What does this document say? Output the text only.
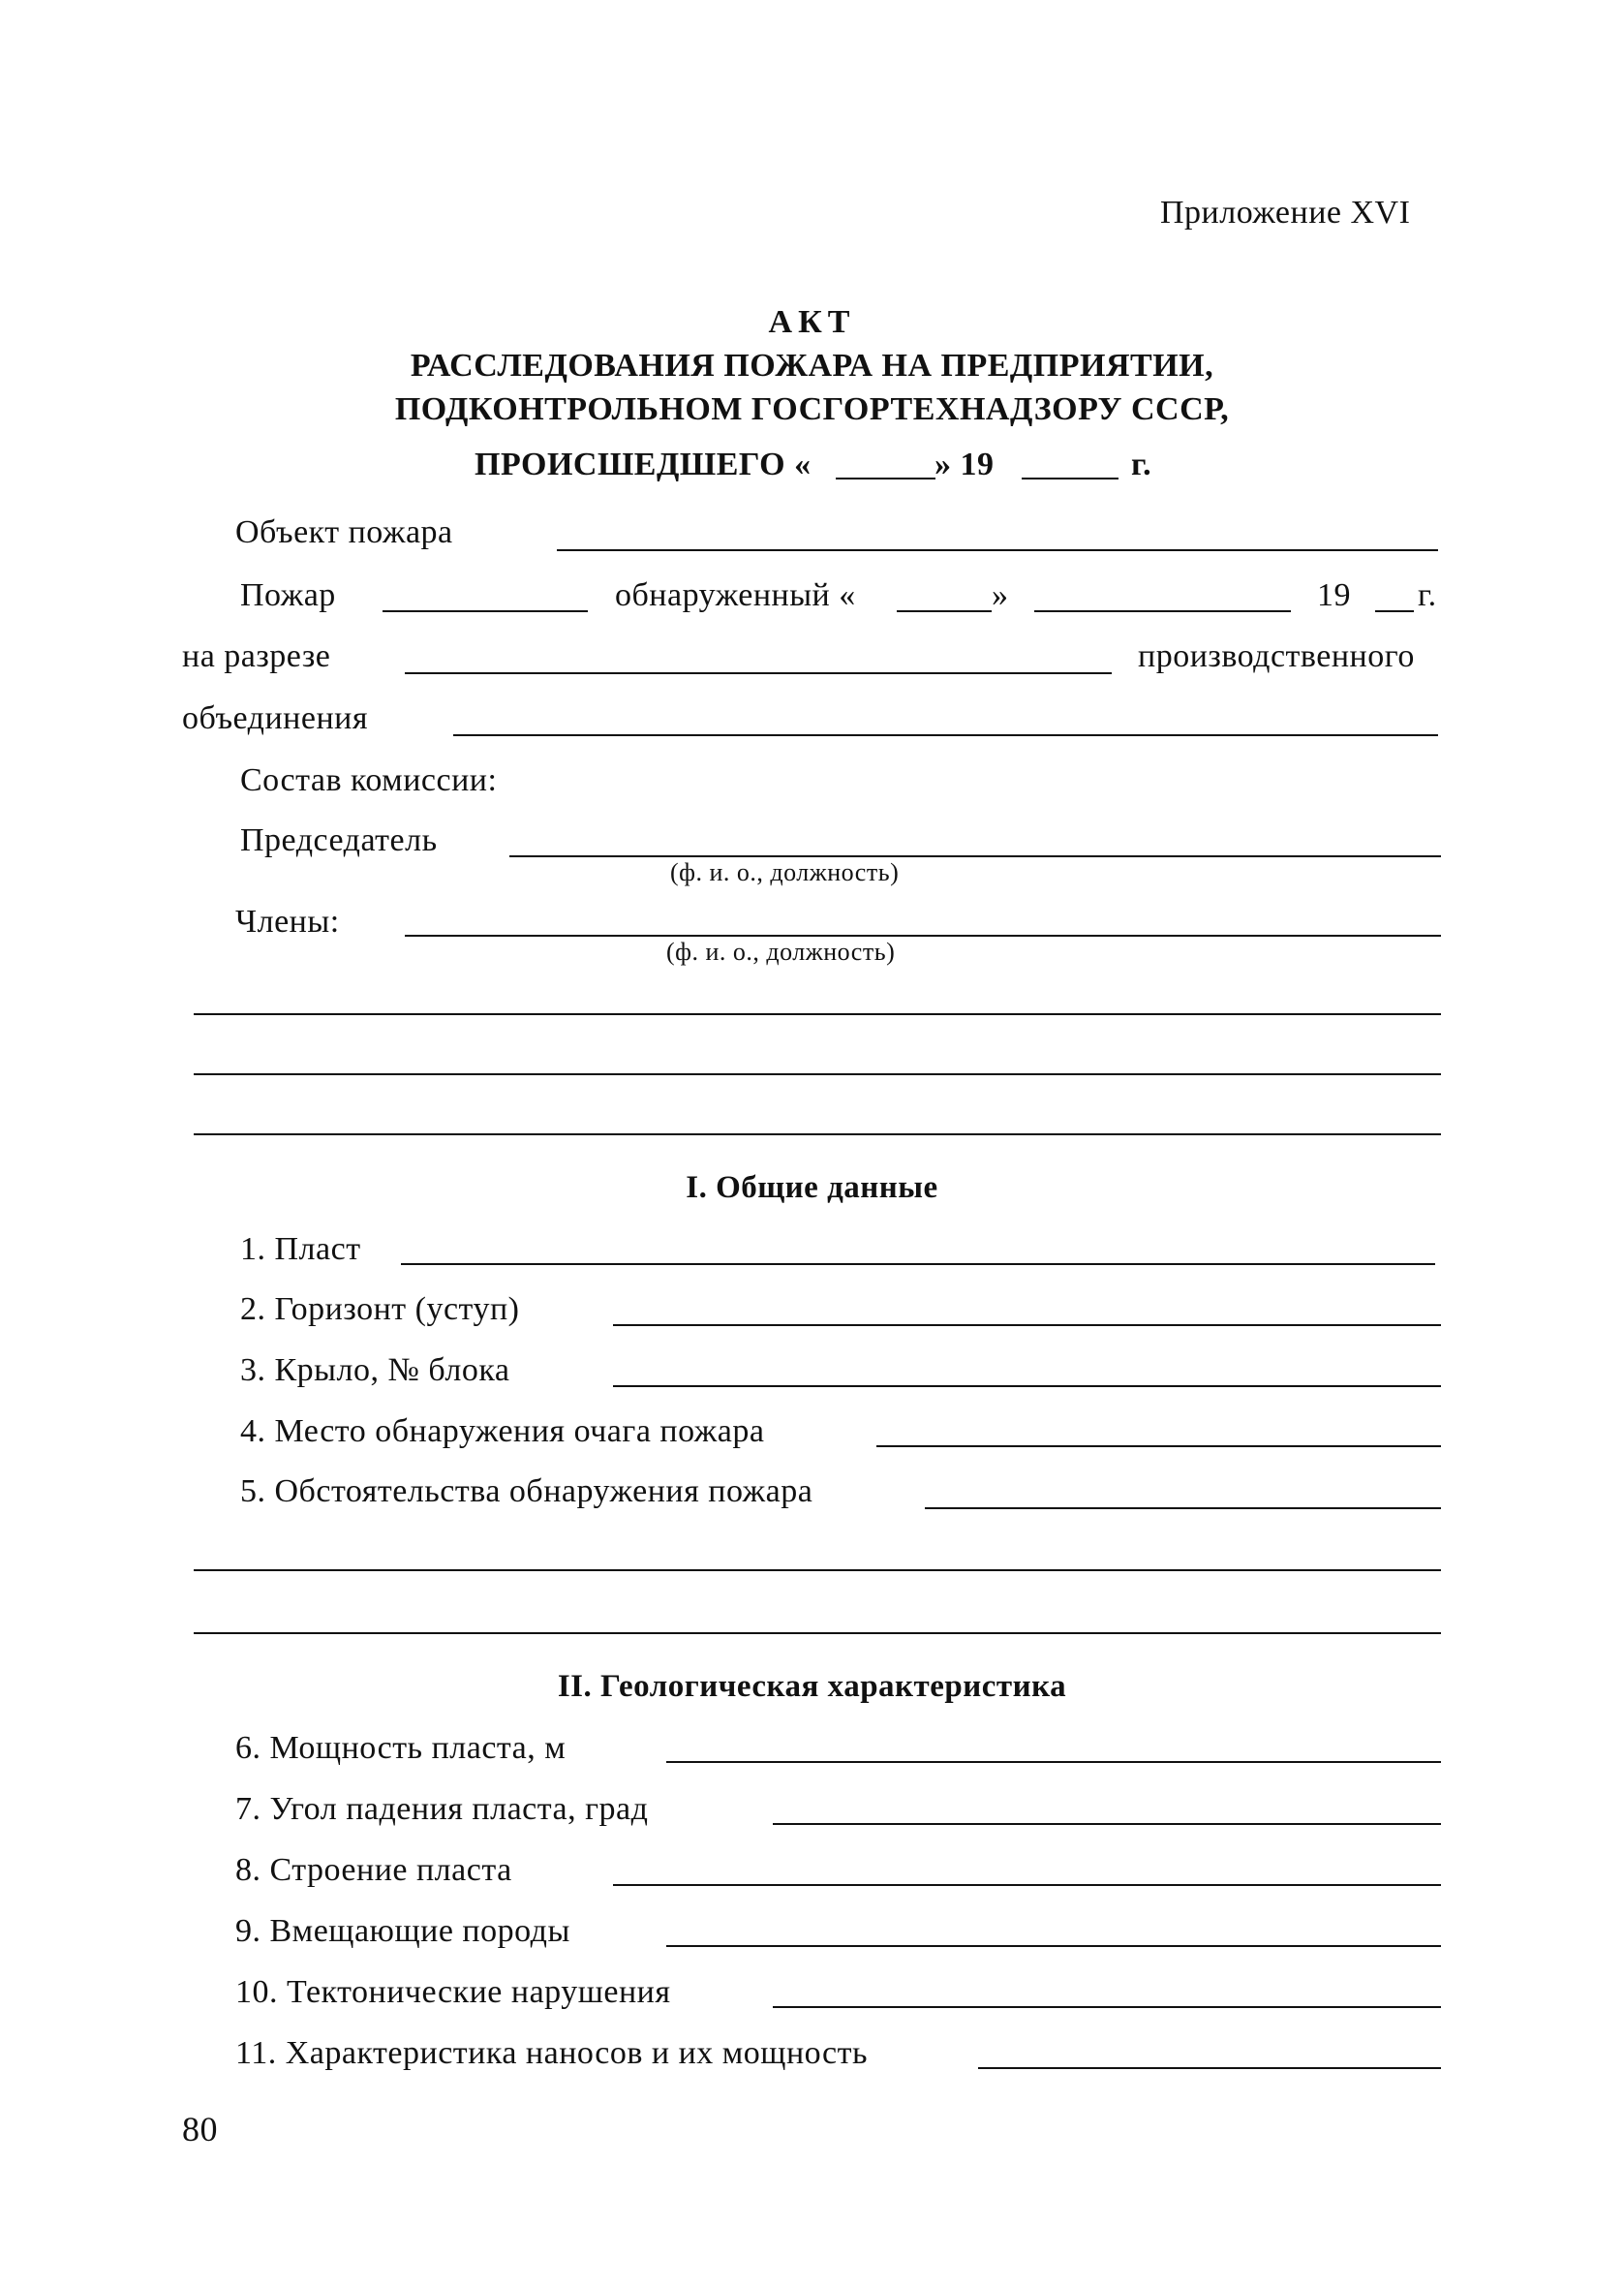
Приложение XVI
АКТ
РАССЛЕДОВАНИЯ ПОЖАРА НА ПРЕДПРИЯТИИ,
ПОДКОНТРОЛЬНОМ ГОСГОРТЕХНАДЗОРУ СССР,
ПРОИСШЕДШЕГО «	» 19	г.
Объект пожара
Пожар	обнаруженный «	»	19 г.
на разрезе	производственного
объединения
Состав комиссии:
Председатель
(ф. и. о., должность)
Члены:
(ф. и. о., должность)
I. Общие данные
1. Пласт
2. Горизонт (уступ)
3. Крыло, № блока
4. Место обнаружения очага пожара
5. Обстоятельства обнаружения пожара
II. Геологическая характеристика
6. Мощность пласта, м
7. Угол падения пласта, град
8. Строение пласта
9. Вмещающие породы
10. Тектонические нарушения
11. Характеристика наносов и их мощность
80
